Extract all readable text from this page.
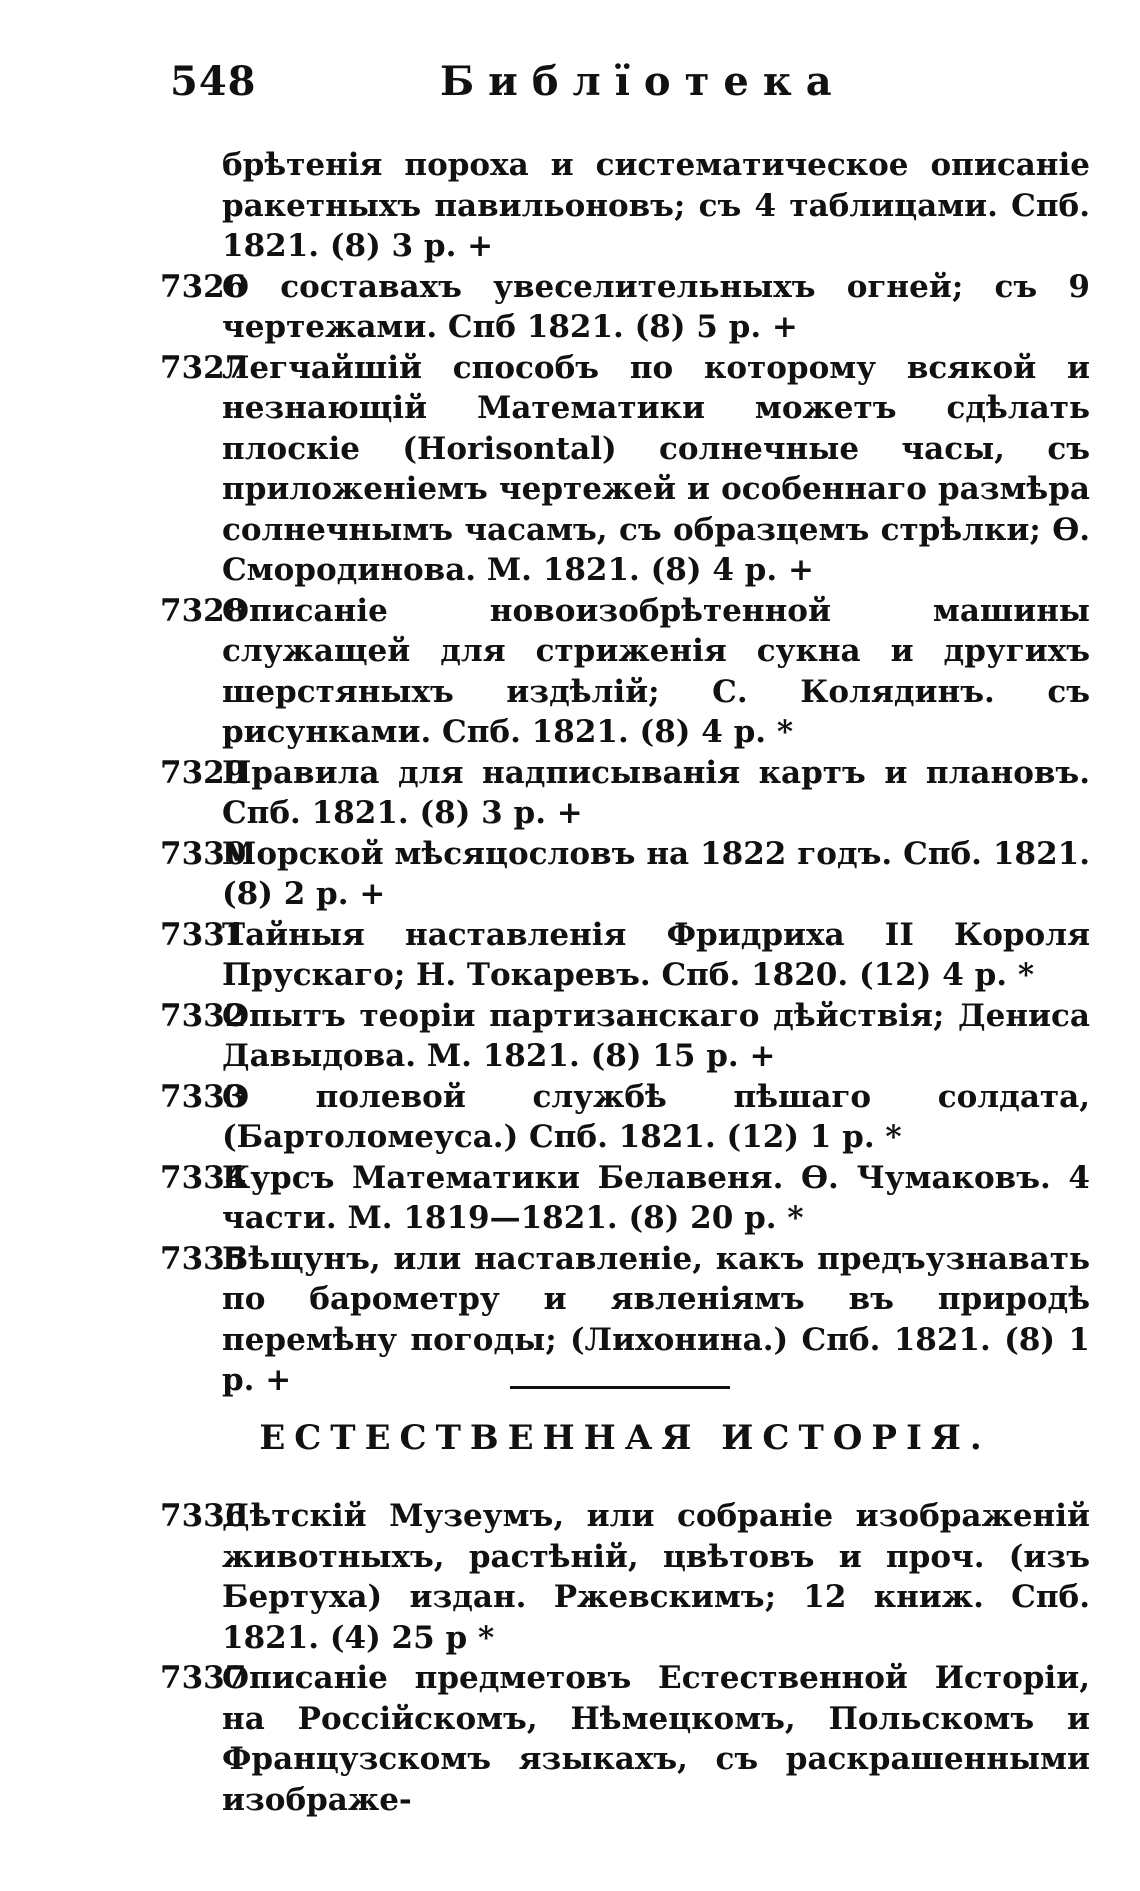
548	Библїотека

брѣтенія пороха и систематическое описаніе ракетныхъ павильоновъ; съ 4 таблицами. Спб. 1821. (8) 3 р. +

7326О составахъ увеселительныхъ огней; съ 9 чертежами. Спб 1821. (8) 5 р. +

7327Легчайшій способъ по которому всякой и незнающій Математики можетъ сдѣлать плоскіе (Horisontal) солнечные часы, съ приложеніемъ чертежей и особеннаго размѣра солнечнымъ часамъ, съ образцемъ стрѣлки; Ѳ. Смородинова. М. 1821. (8) 4 р. +

7328Описаніе новоизобрѣтенной машины служащей для стриженія сукна и другихъ шерстяныхъ издѣлій; С. Колядинъ. съ рисунками. Спб. 1821. (8) 4 р. *

7329Правила для надписыванія картъ и плановъ. Спб. 1821. (8) 3 р. +

7330Морской мѣсяцословъ на 1822 годъ. Спб. 1821. (8) 2 р. +

7331Тайныя наставленія Фридриха II Короля Прускаго; Н. Токаревъ. Спб. 1820. (12) 4 р. *

7332Опытъ теоріи партизанскаго дѣйствія; Дениса Давыдова. М. 1821. (8) 15 р. +

7333О полевой службѣ пѣшаго солдата, (Бартоломеуса.) Спб. 1821. (12) 1 р. *

7334Курсъ Математики Белавеня. Ѳ. Чумаковъ. 4 части. М. 1819—1821. (8) 20 р. *

7335Вѣщунъ, или наставленіе, какъ предъузнавать по барометру и явленіямъ въ природѣ перемѣну погоды; (Лихонина.) Спб. 1821. (8) 1 р. +

ЕСТЕСТВЕННАЯ ИСТОРІЯ.

7336Дѣтскій Музеумъ, или собраніе изображеній животныхъ, растѣній, цвѣтовъ и проч. (изъ Бертуха) издан. Ржевскимъ; 12 книж. Спб. 1821. (4) 25 р *

7337Описаніе предметовъ Естественной Исторіи, на Россійскомъ, Нѣмецкомъ, Польскомъ и Французскомъ языкахъ, съ раскрашенными изображе-
